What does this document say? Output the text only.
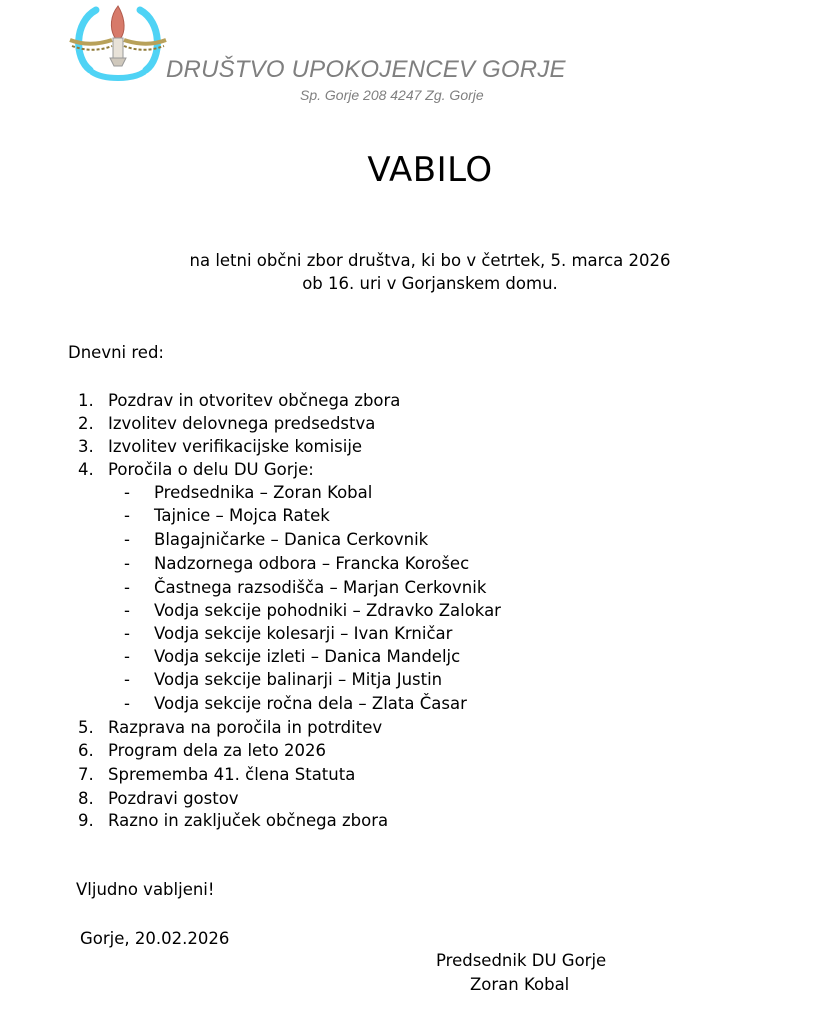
DRUŠTVO UPOKOJENCEV GORJE
Sp. Gorje 208 4247 Zg. Gorje
VABILO
na letni občni zbor društva, ki bo v četrtek, 5. marca 2026
ob 16. uri v Gorjanskem domu.
Dnevni red:
1. Pozdrav in otvoritev občnega zbora
2. Izvolitev delovnega predsedstva
3. Izvolitev verifikacijske komisije
4. Poročila o delu DU Gorje:
- Predsednika – Zoran Kobal
- Tajnice – Mojca Ratek
- Blagajničarke – Danica Cerkovnik
- Nadzornega odbora – Francka Korošec
- Častnega razsodišča – Marjan Cerkovnik
- Vodja sekcije pohodniki – Zdravko Zalokar
- Vodja sekcije kolesarji – Ivan Krničar
- Vodja sekcije izleti – Danica Mandeljc
- Vodja sekcije balinarji – Mitja Justin
- Vodja sekcije ročna dela – Zlata Časar
5. Razprava na poročila in potrditev
6. Program dela za leto 2026
7. Sprememba 41. člena Statuta
8. Pozdravi gostov
9. Razno in zaključek občnega zbora
Vljudno vabljeni!
Gorje, 20.02.2026
Predsednik DU Gorje
Zoran Kobal
